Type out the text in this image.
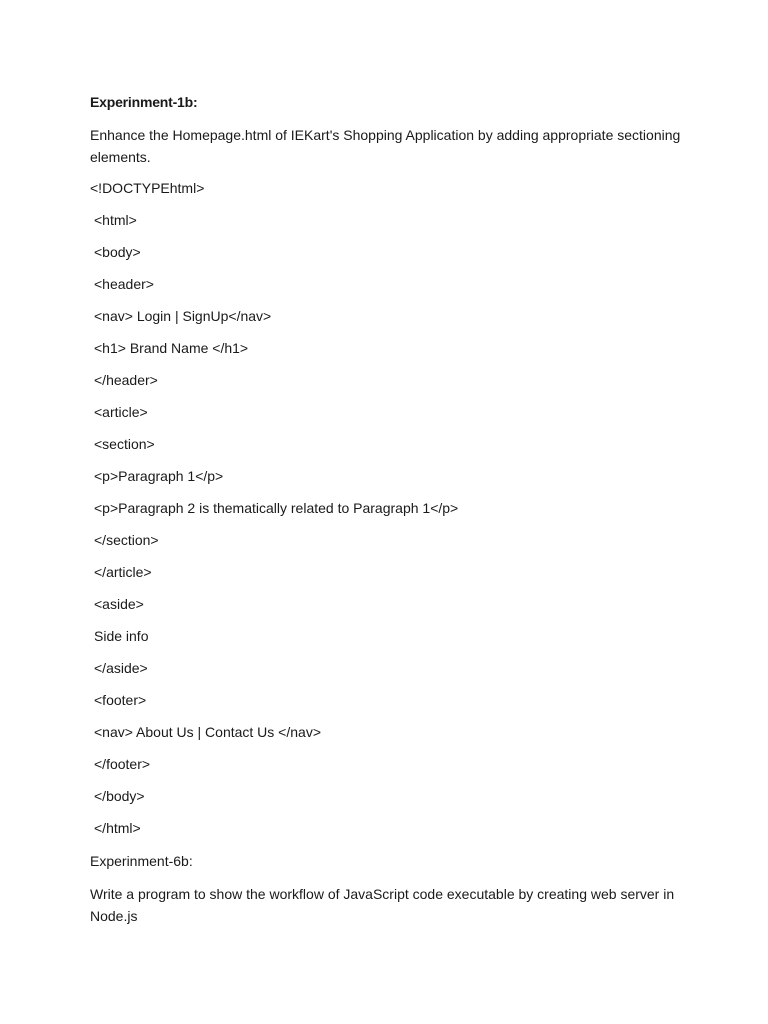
Experinment-1b:
Enhance the Homepage.html of IEKart's Shopping Application by adding appropriate sectioning elements.
<!DOCTYPEhtml>
<html>
<body>
<header>
<nav> Login | SignUp</nav>
<h1> Brand Name </h1>
</header>
<article>
<section>
<p>Paragraph 1</p>
<p>Paragraph 2 is thematically related to Paragraph 1</p>
</section>
</article>
<aside>
Side info
</aside>
<footer>
<nav> About Us | Contact Us </nav>
</footer>
</body>
</html>
Experinment-6b:
Write a program to show the workflow of JavaScript code executable by creating web server in Node.js
